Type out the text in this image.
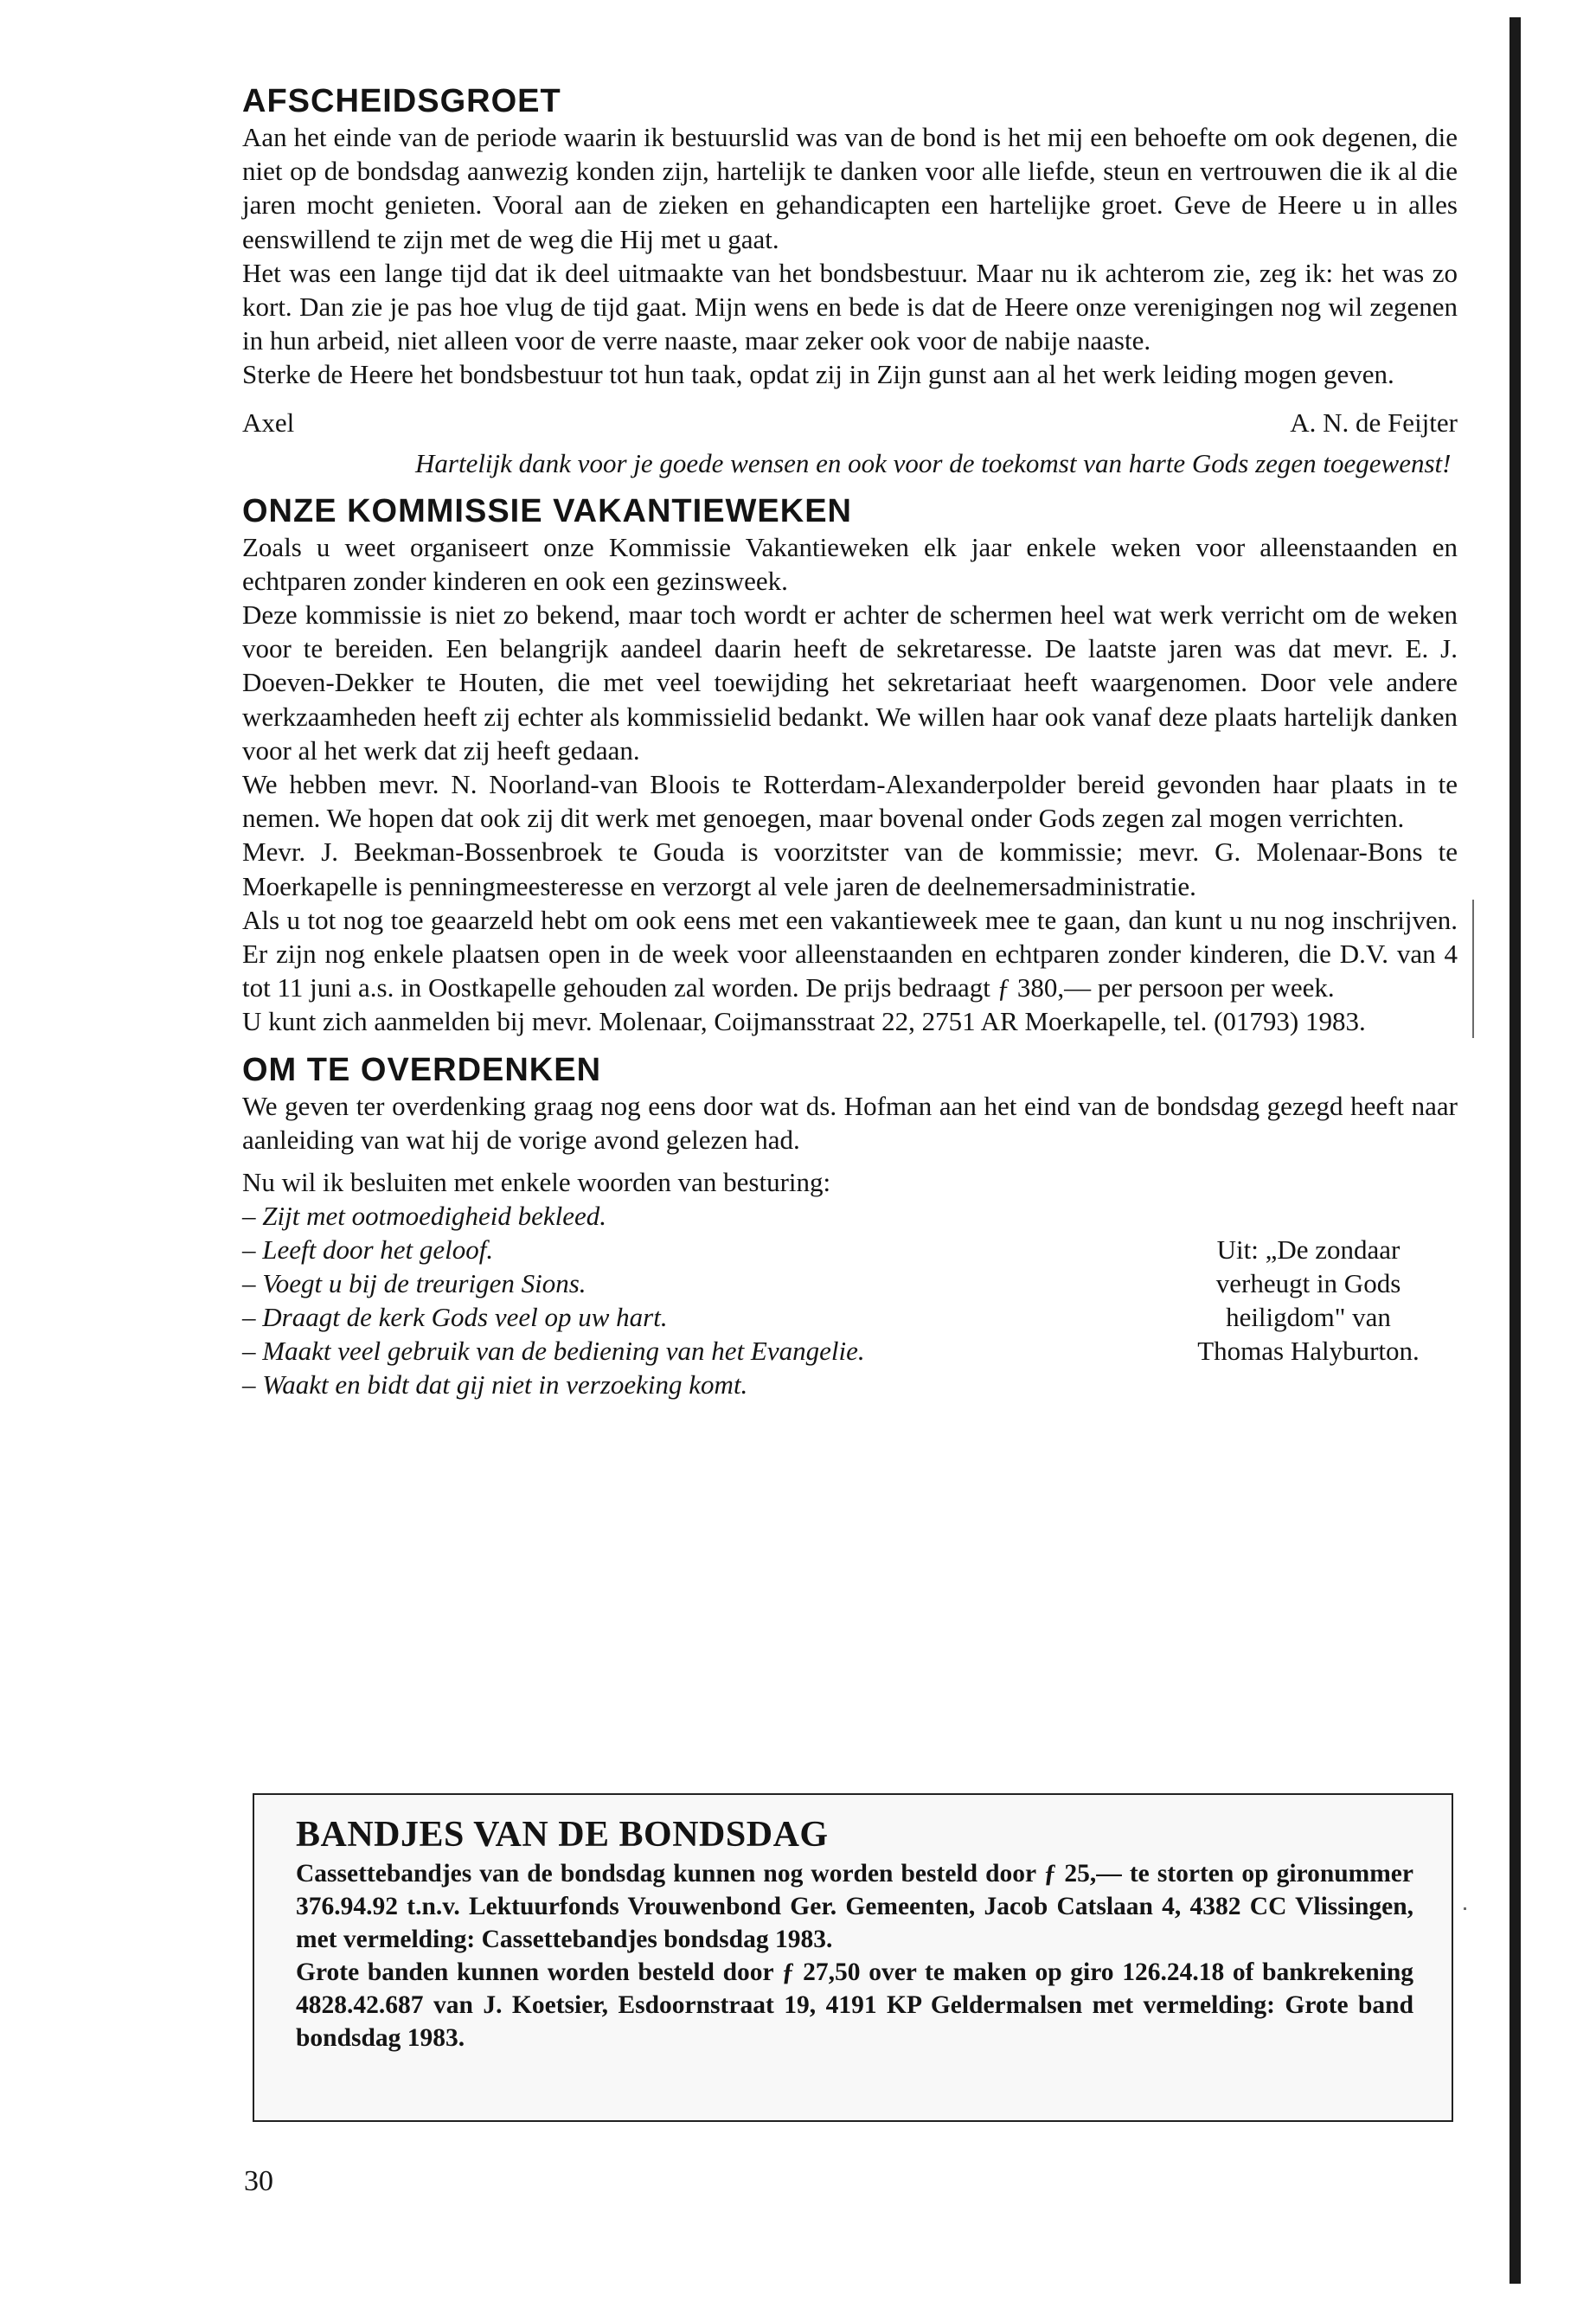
AFSCHEIDSGROET

Aan het einde van de periode waarin ik bestuurslid was van de bond is het mij een behoefte om ook degenen, die niet op de bondsdag aanwezig konden zijn, hartelijk te danken voor alle liefde, steun en vertrouwen die ik al die jaren mocht genieten. Vooral aan de zieken en gehandicapten een hartelijke groet. Geve de Heere u in alles eenswillend te zijn met de weg die Hij met u gaat.

Het was een lange tijd dat ik deel uitmaakte van het bondsbestuur. Maar nu ik achterom zie, zeg ik: het was zo kort. Dan zie je pas hoe vlug de tijd gaat. Mijn wens en bede is dat de Heere onze verenigingen nog wil zegenen in hun arbeid, niet alleen voor de verre naaste, maar zeker ook voor de nabije naaste.

Sterke de Heere het bondsbestuur tot hun taak, opdat zij in Zijn gunst aan al het werk leiding mogen geven.

Axel	A. N. de Feijter

Hartelijk dank voor je goede wensen en ook voor de toekomst van harte Gods zegen toegewenst!

ONZE KOMMISSIE VAKANTIEWEKEN

Zoals u weet organiseert onze Kommissie Vakantieweken elk jaar enkele weken voor alleenstaanden en echtparen zonder kinderen en ook een gezinsweek.

Deze kommissie is niet zo bekend, maar toch wordt er achter de schermen heel wat werk verricht om de weken voor te bereiden. Een belangrijk aandeel daarin heeft de sekretaresse. De laatste jaren was dat mevr. E. J. Doeven-Dekker te Houten, die met veel toewijding het sekretariaat heeft waargenomen. Door vele andere werkzaamheden heeft zij echter als kommissielid bedankt. We willen haar ook vanaf deze plaats hartelijk danken voor al het werk dat zij heeft gedaan.

We hebben mevr. N. Noorland-van Bloois te Rotterdam-Alexanderpolder bereid gevonden haar plaats in te nemen. We hopen dat ook zij dit werk met genoegen, maar bovenal onder Gods zegen zal mogen verrichten.

Mevr. J. Beekman-Bossenbroek te Gouda is voorzitster van de kommissie; mevr. G. Molenaar-Bons te Moerkapelle is penningmeesteresse en verzorgt al vele jaren de deelnemersadministratie.

Als u tot nog toe geaarzeld hebt om ook eens met een vakantieweek mee te gaan, dan kunt u nu nog inschrijven. Er zijn nog enkele plaatsen open in de week voor alleenstaanden en echtparen zonder kinderen, die D.V. van 4 tot 11 juni a.s. in Oostkapelle gehouden zal worden. De prijs bedraagt ƒ 380,— per persoon per week.

U kunt zich aanmelden bij mevr. Molenaar, Coijmansstraat 22, 2751 AR Moerkapelle, tel. (01793) 1983.

OM TE OVERDENKEN

We geven ter overdenking graag nog eens door wat ds. Hofman aan het eind van de bondsdag gezegd heeft naar aanleiding van wat hij de vorige avond gelezen had.

Nu wil ik besluiten met enkele woorden van besturing:

– Zijt met ootmoedigheid bekleed.
– Leeft door het geloof.
– Voegt u bij de treurigen Sions.
– Draagt de kerk Gods veel op uw hart.
– Maakt veel gebruik van de bediening van het Evangelie.
– Waakt en bidt dat gij niet in verzoeking komt.
Uit: „De zondaar
verheugt in Gods
heiligdom" van
Thomas Halyburton.
BANDJES VAN DE BONDSDAG

Cassettebandjes van de bondsdag kunnen nog worden besteld door ƒ 25,— te storten op gironummer 376.94.92 t.n.v. Lektuurfonds Vrouwenbond Ger. Gemeenten, Jacob Catslaan 4, 4382 CC Vlissingen, met vermelding: Cassettebandjes bondsdag 1983.

Grote banden kunnen worden besteld door ƒ 27,50 over te maken op giro 126.24.18 of bankrekening 4828.42.687 van J. Koetsier, Esdoornstraat 19, 4191 KP Geldermalsen met vermelding: Grote band bondsdag 1983.

30
